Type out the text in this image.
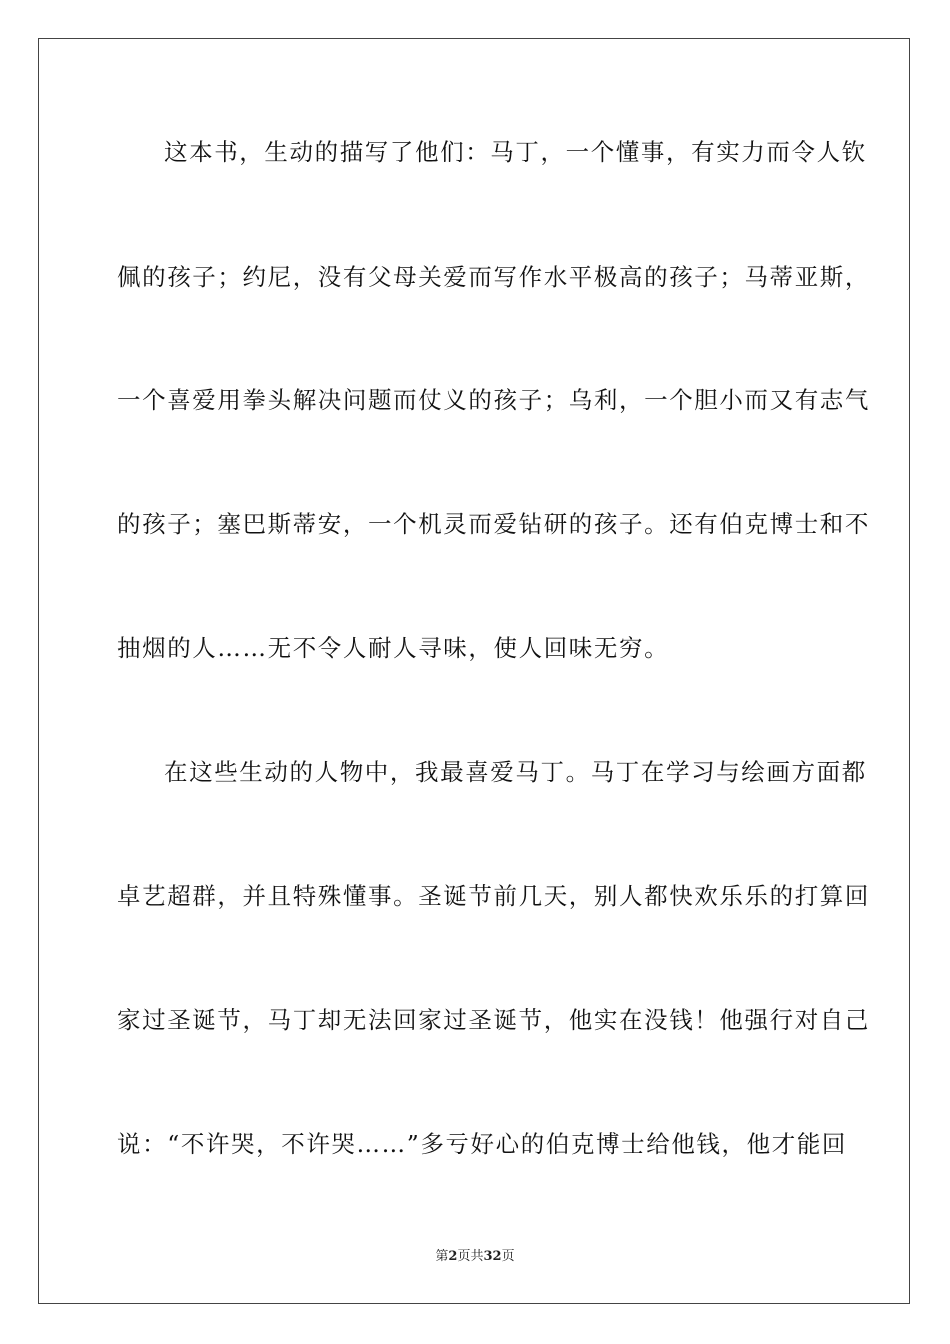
这本书，生动的描写了他们：马丁，一个懂事，有实力而令人钦
佩的孩子；约尼，没有父母关爱而写作水平极高的孩子；马蒂亚斯，
一个喜爱用拳头解决问题而仗义的孩子；乌利，一个胆小而又有志气
的孩子；塞巴斯蒂安，一个机灵而爱钻研的孩子。还有伯克博士和不
抽烟的人……无不令人耐人寻味，使人回味无穷。
在这些生动的人物中，我最喜爱马丁。马丁在学习与绘画方面都
卓艺超群，并且特殊懂事。圣诞节前几天，别人都快欢乐乐的打算回
家过圣诞节，马丁却无法回家过圣诞节，他实在没钱！他强行对自己
说：“不许哭，不许哭……”多亏好心的伯克博士给他钱，他才能回
第2页共32页
